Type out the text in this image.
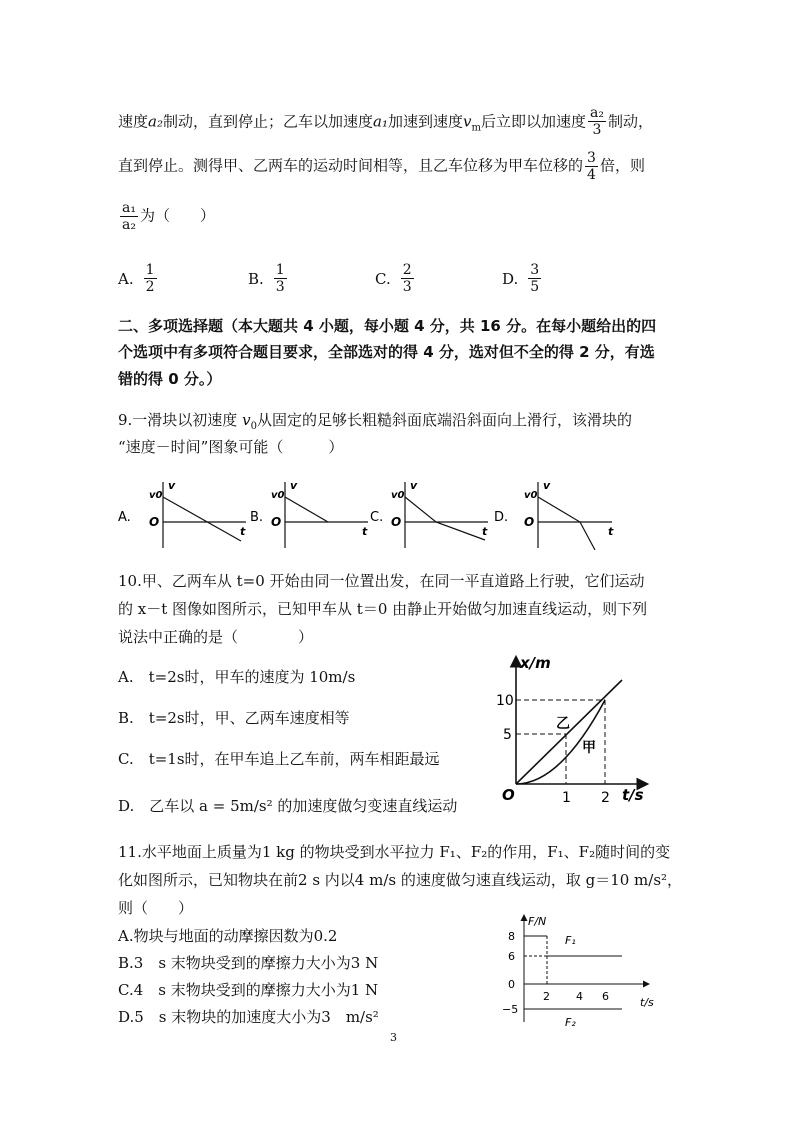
速度a₂制动，直到停止；乙车以加速度a₁加速到速度$v_m$后立即以加速度 $\frac{\text{a₂}}{3}$ 制动，
直到停止。测得甲、乙两车的运动时间相等，且乙车位移为甲车位移的 $\frac{3}{4}$ 倍，则
$\frac{\text{a₁}}{\text{a₂}}$ 为（　　）
A. $\frac{1}{2}$	B. $\frac{1}{3}$	C. $\frac{2}{3}$	D. $\frac{3}{5}$
二、多项选择题（本大题共 4 小题，每小题 4 分，共 16 分。在每小题给出的四
个选项中有多项符合题目要求，全部选对的得 4 分，选对但不全的得 2 分，有选
错的得 0 分。）
9.一滑块以初速度 $v_0$从固定的足够长粗糙斜面底端沿斜面向上滑行，该滑块的
“速度－时间”图象可能（　　　）
A.
v
v0
O
t
B.
v
v0
O
t
C.
v
v0
O
t
D.
v
v0
O
t
10.甲、乙两车从 t=0 开始由同一位置出发，在同一平直道路上行驶，它们运动
的 x－t 图像如图所示，已知甲车从 t＝0 由静止开始做匀加速直线运动，则下列
说法中正确的是（　　　　）
A.　t=2s时，甲车的速度为 10m/s
B.　t=2s时，甲、乙两车速度相等
C.　t=1s时，在甲车追上乙车前，两车相距最远
D.　乙车以 a = 5m/s² 的加速度做匀变速直线运动
x/m
t/s
O
10
5
1 2
乙
甲
11.水平地面上质量为1 kg 的物块受到水平拉力 F₁、F₂的作用，F₁、F₂随时间的变
化如图所示，已知物块在前2 s 内以4 m/s 的速度做匀速直线运动，取 g＝10 m/s²，
则（　　）
A.物块与地面的动摩擦因数为0.2
B.3　s 末物块受到的摩擦力大小为3 N
C.4　s 末物块受到的摩擦力大小为1 N
D.5　s 末物块的加速度大小为3　m/s²
F/N
t/s
8
6
0
−5
2 4 6
F₁
F₂
3
